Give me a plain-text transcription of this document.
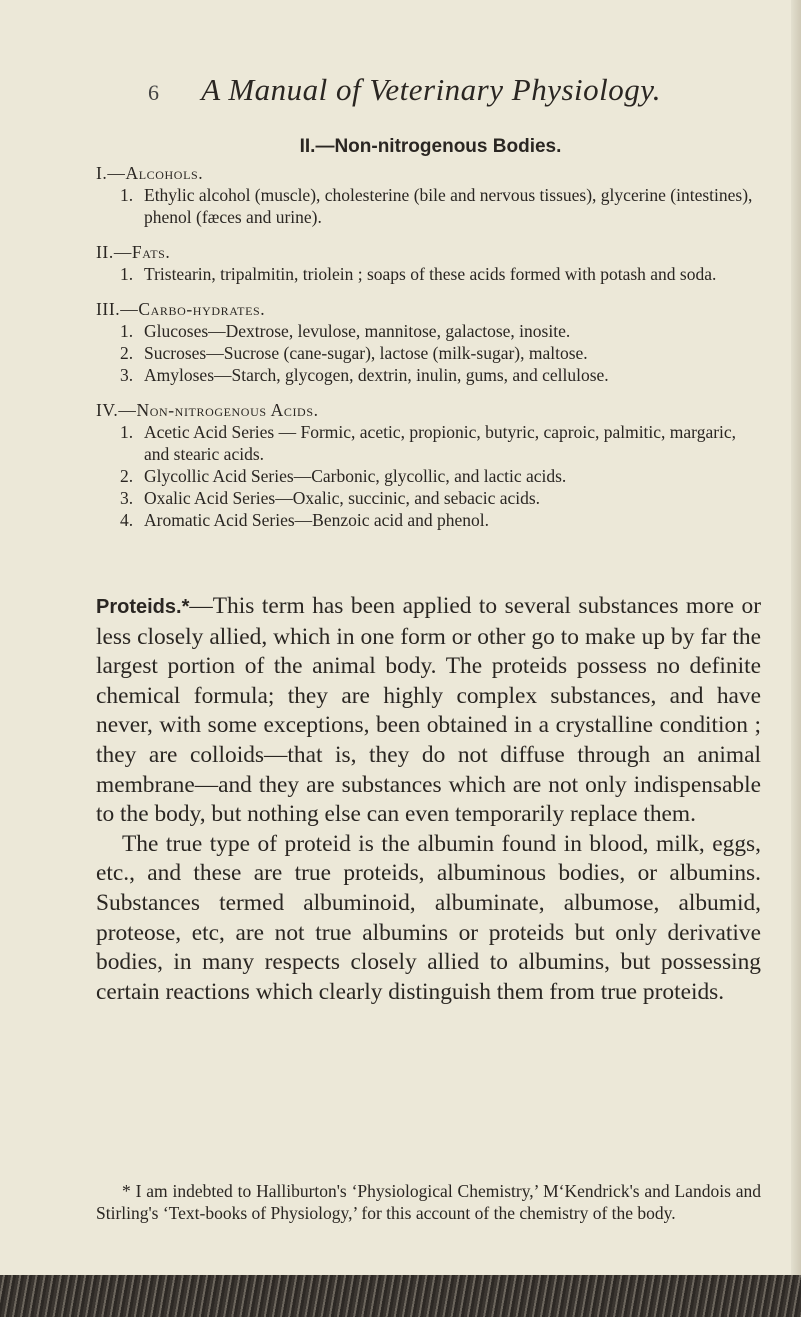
6 A Manual of Veterinary Physiology.
II.—Non-nitrogenous Bodies.
I.—Alcohols.
1. Ethylic alcohol (muscle), cholesterine (bile and nervous tissues), glycerine (intestines), phenol (fæces and urine).
II.—Fats.
1. Tristearin, tripalmitin, triolein ; soaps of these acids formed with potash and soda.
III.—Carbo-hydrates.
1. Glucoses—Dextrose, levulose, mannitose, galactose, inosite.
2. Sucroses—Sucrose (cane-sugar), lactose (milk-sugar), maltose.
3. Amyloses—Starch, glycogen, dextrin, inulin, gums, and cellulose.
IV.—Non-nitrogenous Acids.
1. Acetic Acid Series — Formic, acetic, propionic, butyric, caproic, palmitic, margaric, and stearic acids.
2. Glycollic Acid Series—Carbonic, glycollic, and lactic acids.
3. Oxalic Acid Series—Oxalic, succinic, and sebacic acids.
4. Aromatic Acid Series—Benzoic acid and phenol.

Proteids.*—This term has been applied to several substances more or less closely allied, which in one form or other go to make up by far the largest portion of the animal body. The proteids possess no definite chemical formula; they are highly complex substances, and have never, with some exceptions, been obtained in a crystalline condition ; they are colloids—that is, they do not diffuse through an animal membrane—and they are substances which are not only indispensable to the body, but nothing else can even temporarily replace them.

The true type of proteid is the albumin found in blood, milk, eggs, etc., and these are true proteids, albuminous bodies, or albumins. Substances termed albuminoid, albuminate, albumose, albumid, proteose, etc, are not true albumins or proteids but only derivative bodies, in many respects closely allied to albumins, but possessing certain reactions which clearly distinguish them from true proteids.

* I am indebted to Halliburton's ‘Physiological Chemistry,’ M‘Kendrick's and Landois and Stirling's ‘Text-books of Physiology,’ for this account of the chemistry of the body.
